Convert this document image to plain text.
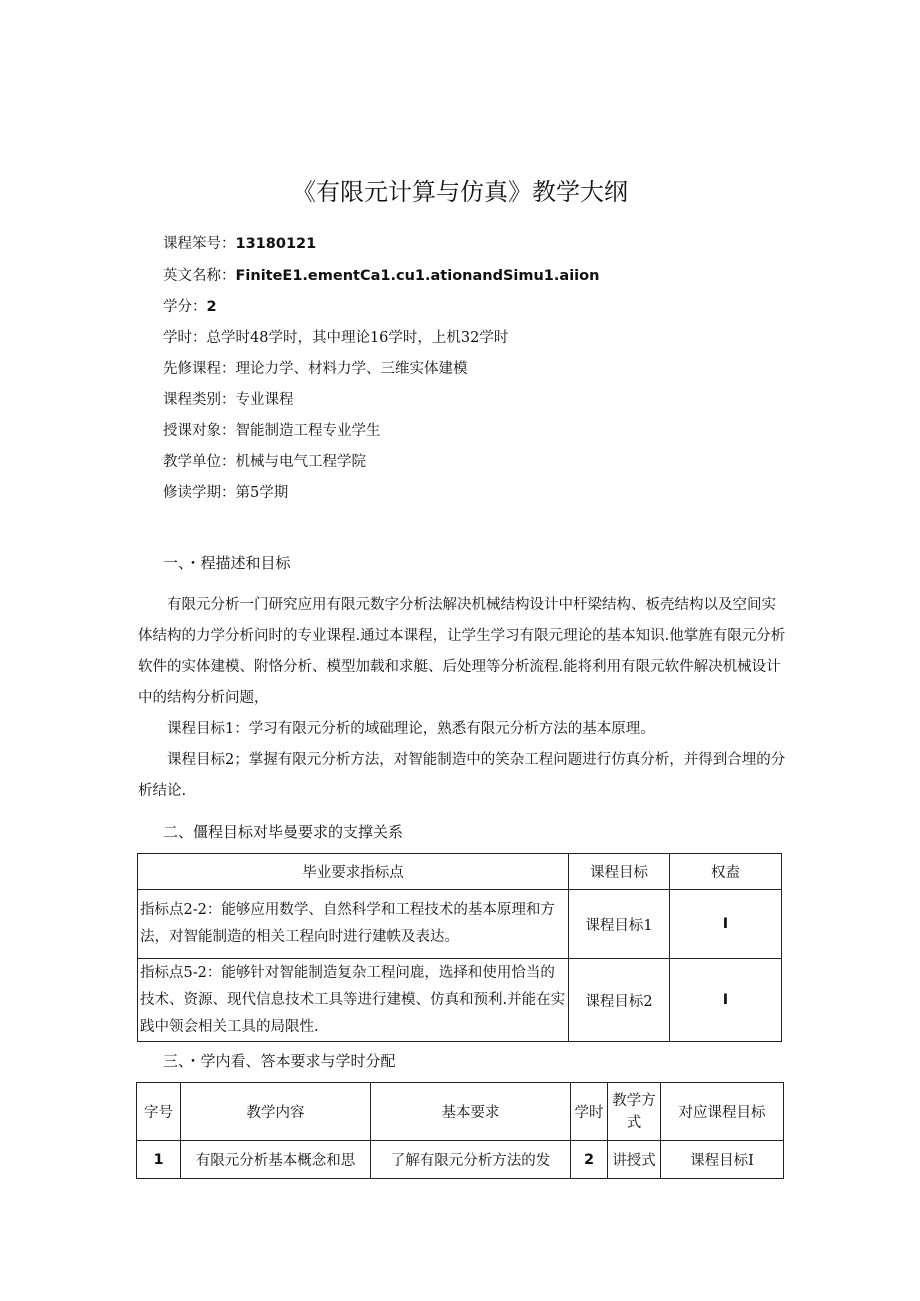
《有限元计算与仿真》教学大纲
课程笨号：13180121
英文名称：FiniteE1.ementCa1.cu1.ationandSimu1.aiion
学分：2
学时：总学时48学时，其中理论16学时，上机32学时
先修课程：理论力学、材料力学、三维实体建模
课程类别：专业课程
授课对象：智能制造工程专业学生
教学单位：机械与电气工程学院
修读学期：第5学期
一、・程描述和目标

有限元分析一门研究应用有限元数字分析法解决机械结构设计中杆梁结构、板壳结构以及空间实体结构的力学分析问时的专业课程.通过本课程，让学生学习有限元理论的基本知识.他掌旌有限元分析软件的实体建模、附恪分析、模型加载和求艇、后处理等分析流程.能将利用有限元软件解决机械设计中的结构分析问题，

课程目标1：学习有限元分析的域础理论，熟悉有限元分析方法的基本原理。

课程目标2；掌握有限元分析方法，对智能制造中的笑杂工程问题进行仿真分析，并得到合埋的分析结论.

二、僵程目标对毕曼要求的支撑关系
毕业要求指标点	课程目标	权盍
指标点2-2：能够应用数学、自然科学和工程技术的基本原理和方法，对智能制造的相关工程向时进行建帙及表达。	课程目标1	I
指标点5-2：能够针对智能制造复杂工程问鹿，选择和使用恰当的技术、资源、现代信息技术工具等进行建模、仿真和预利.并能在实践中领会相关工具的局限性.	课程目标2	I
三、・学内看、答本要求与学时分配
字号	教学内容	基本要求	学时	教学方式	对应课程目标
1	有限元分析基本概念和思	了解有限元分析方法的发	2	讲授式	课程目标I
